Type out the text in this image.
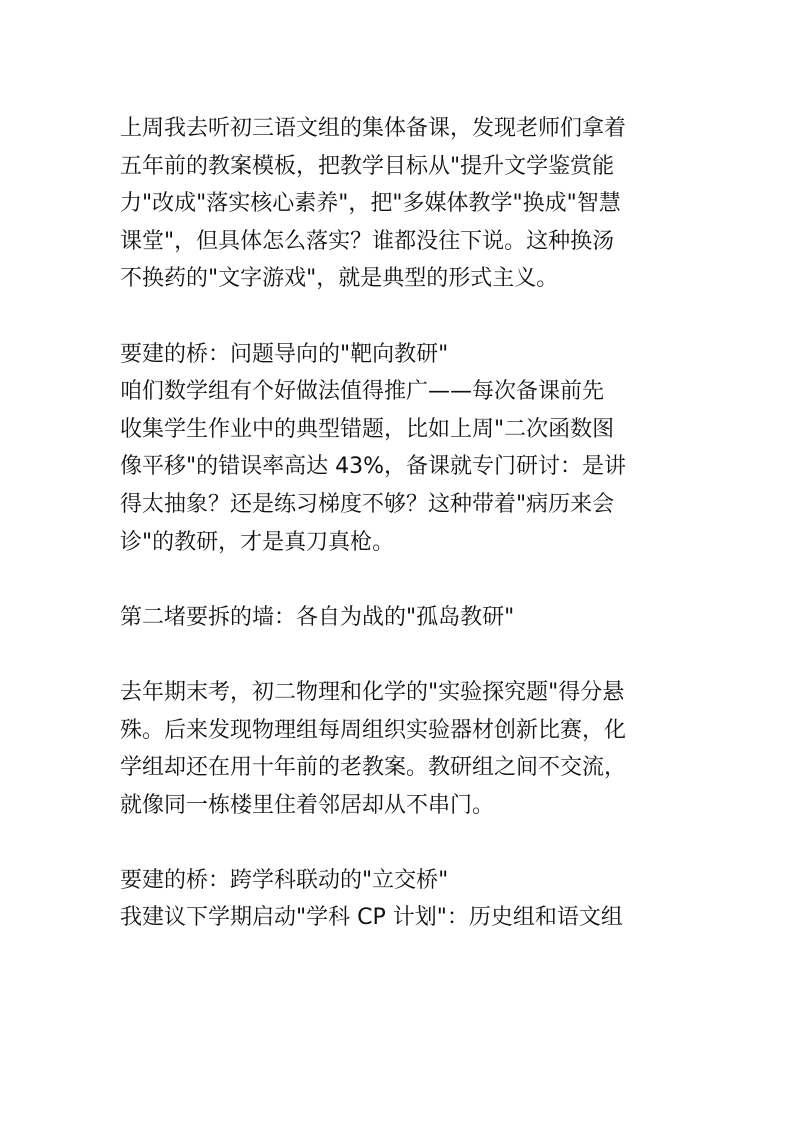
上周我去听初三语文组的集体备课，发现老师们拿着
五年前的教案模板，把教学目标从"提升文学鉴赏能
力"改成"落实核心素养"，把"多媒体教学"换成"智慧
课堂"，但具体怎么落实？谁都没往下说。这种换汤
不换药的"文字游戏"，就是典型的形式主义。
要建的桥：问题导向的"靶向教研"
咱们数学组有个好做法值得推广——每次备课前先
收集学生作业中的典型错题，比如上周"二次函数图
像平移"的错误率高达 43%，备课就专门研讨：是讲
得太抽象？还是练习梯度不够？这种带着"病历来会
诊"的教研，才是真刀真枪。
第二堵要拆的墙：各自为战的"孤岛教研"
去年期末考，初二物理和化学的"实验探究题"得分悬
殊。后来发现物理组每周组织实验器材创新比赛，化
学组却还在用十年前的老教案。教研组之间不交流，
就像同一栋楼里住着邻居却从不串门。
要建的桥：跨学科联动的"立交桥"
我建议下学期启动"学科 CP 计划"：历史组和语文组
